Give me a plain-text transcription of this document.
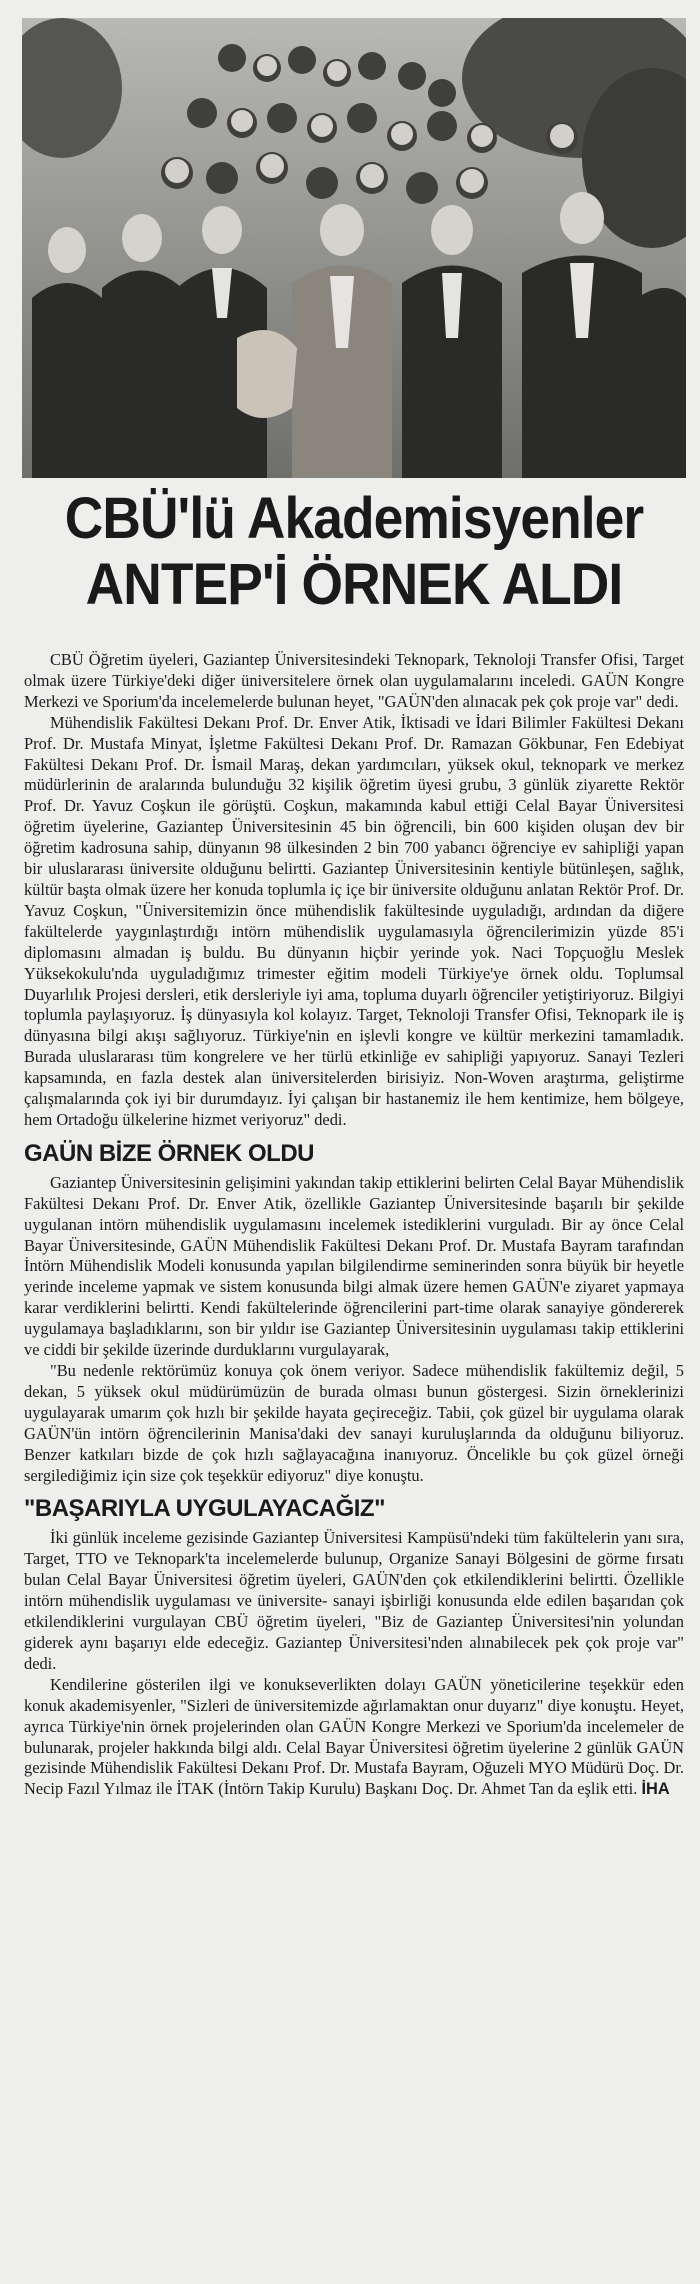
CBÜ'lü Akademisyenler
ANTEP'İ ÖRNEK ALDI

CBÜ Öğretim üyeleri, Gaziantep Üniversitesindeki Teknopark, Teknoloji Transfer Ofisi, Target olmak üzere Türkiye'deki diğer üniversitelere örnek olan uygulamalarını inceledi. GAÜN Kongre Merkezi ve Sporium'da incelemelerde bulunan heyet, "GAÜN'den alınacak pek çok proje var" dedi.

Mühendislik Fakültesi Dekanı Prof. Dr. Enver Atik, İktisadi ve İdari Bilimler Fakültesi Dekanı Prof. Dr. Mustafa Minyat, İşletme Fakültesi Dekanı Prof. Dr. Ramazan Gökbunar, Fen Edebiyat Fakültesi Dekanı Prof. Dr. İsmail Maraş, dekan yardımcıları, yüksek okul, teknopark ve merkez müdürlerinin de aralarında bulunduğu 32 kişilik öğretim üyesi grubu, 3 günlük ziyarette Rektör Prof. Dr. Yavuz Coşkun ile görüştü. Coşkun, makamında kabul ettiği Celal Bayar Üniversitesi öğretim üyelerine, Gaziantep Üniversitesinin 45 bin öğrencili, bin 600 kişiden oluşan dev bir öğretim kadrosuna sahip, dünyanın 98 ülkesinden 2 bin 700 yabancı öğrenciye ev sahipliği yapan bir uluslararası üniversite olduğunu belirtti. Gaziantep Üniversitesinin kentiyle bütünleşen, sağlık, kültür başta olmak üzere her konuda toplumla iç içe bir üniversite olduğunu anlatan Rektör Prof. Dr. Yavuz Coşkun, "Üniversitemizin önce mühendislik fakültesinde uyguladığı, ardından da diğere fakültelerde yaygınlaştırdığı intörn mühendislik uygulamasıyla öğrencilerimizin yüzde 85'i diplomasını almadan iş buldu. Bu dünyanın hiçbir yerinde yok. Naci Topçuoğlu Meslek Yüksekokulu'nda uyguladığımız trimester eğitim modeli Türkiye'ye örnek oldu. Toplumsal Duyarlılık Projesi dersleri, etik dersleriyle iyi ama, topluma duyarlı öğrenciler yetiştiriyoruz. Bilgiyi toplumla paylaşıyoruz. İş dünyasıyla kol kolayız. Target, Teknoloji Transfer Ofisi, Teknopark ile iş dünyasına bilgi akışı sağlıyoruz. Türkiye'nin en işlevli kongre ve kültür merkezini tamamladık. Burada uluslararası tüm kongrelere ve her türlü etkinliğe ev sahipliği yapıyoruz. Sanayi Tezleri kapsamında, en fazla destek alan üniversitelerden birisiyiz. Non-Woven araştırma, geliştirme çalışmalarında çok iyi bir durumdayız. İyi çalışan bir hastanemiz ile hem kentimize, hem bölgeye, hem Ortadoğu ülkelerine hizmet veriyoruz" dedi.

GAÜN BİZE ÖRNEK OLDU

Gaziantep Üniversitesinin gelişimini yakından takip ettiklerini belirten Celal Bayar Mühendislik Fakültesi Dekanı Prof. Dr. Enver Atik, özellikle Gaziantep Üniversitesinde başarılı bir şekilde uygulanan intörn mühendislik uygulamasını incelemek istediklerini vurguladı. Bir ay önce Celal Bayar Üniversitesinde, GAÜN Mühendislik Fakültesi Dekanı Prof. Dr. Mustafa Bayram tarafından İntörn Mühendislik Modeli konusunda yapılan bilgilendirme seminerinden sonra büyük bir heyetle yerinde inceleme yapmak ve sistem konusunda bilgi almak üzere hemen GAÜN'e ziyaret yapmaya karar verdiklerini belirtti. Kendi fakültelerinde öğrencilerini part-time olarak sanayiye göndererek uygulamaya başladıklarını, son bir yıldır ise Gaziantep Üniversitesinin uygulaması takip ettiklerini ve ciddi bir şekilde üzerinde durduklarını vurgulayarak,

"Bu nedenle rektörümüz konuya çok önem veriyor. Sadece mühendislik fakültemiz değil, 5 dekan, 5 yüksek okul müdürümüzün de burada olması bunun göstergesi. Sizin örneklerinizi uygulayarak umarım çok hızlı bir şekilde hayata geçireceğiz. Tabii, çok güzel bir uygulama olarak GAÜN'ün intörn öğrencilerinin Manisa'daki dev sanayi kuruluşlarında da olduğunu biliyoruz. Benzer katkıları bizde de çok hızlı sağlayacağına inanıyoruz. Öncelikle bu çok güzel örneği sergilediğimiz için size çok teşekkür ediyoruz" diye konuştu.

"BAŞARIYLA UYGULAYACAĞIZ"

İki günlük inceleme gezisinde Gaziantep Üniversitesi Kampüsü'ndeki tüm fakültelerin yanı sıra, Target, TTO ve Teknopark'ta incelemelerde bulunup, Organize Sanayi Bölgesini de görme fırsatı bulan Celal Bayar Üniversitesi öğretim üyeleri, GAÜN'den çok etkilendiklerini belirtti. Özellikle intörn mühendislik uygulaması ve üniversite- sanayi işbirliği konusunda elde edilen başarıdan çok etkilendiklerini vurgulayan CBÜ öğretim üyeleri, "Biz de Gaziantep Üniversitesi'nin yolundan giderek aynı başarıyı elde edeceğiz. Gaziantep Üniversitesi'nden alınabilecek pek çok proje var" dedi.

Kendilerine gösterilen ilgi ve konukseverlikten dolayı GAÜN yöneticilerine teşekkür eden konuk akademisyenler, "Sizleri de üniversitemizde ağırlamaktan onur duyarız" diye konuştu. Heyet, ayrıca Türkiye'nin örnek projelerinden olan GAÜN Kongre Merkezi ve Sporium'da incelemeler de bulunarak, projeler hakkında bilgi aldı. Celal Bayar Üniversitesi öğretim üyelerine 2 günlük GAÜN gezisinde Mühendislik Fakültesi Dekanı Prof. Dr. Mustafa Bayram, Oğuzeli MYO Müdürü Doç. Dr. Necip Fazıl Yılmaz ile İTAK (İntörn Takip Kurulu) Başkanı Doç. Dr. Ahmet Tan da eşlik etti. İHA
